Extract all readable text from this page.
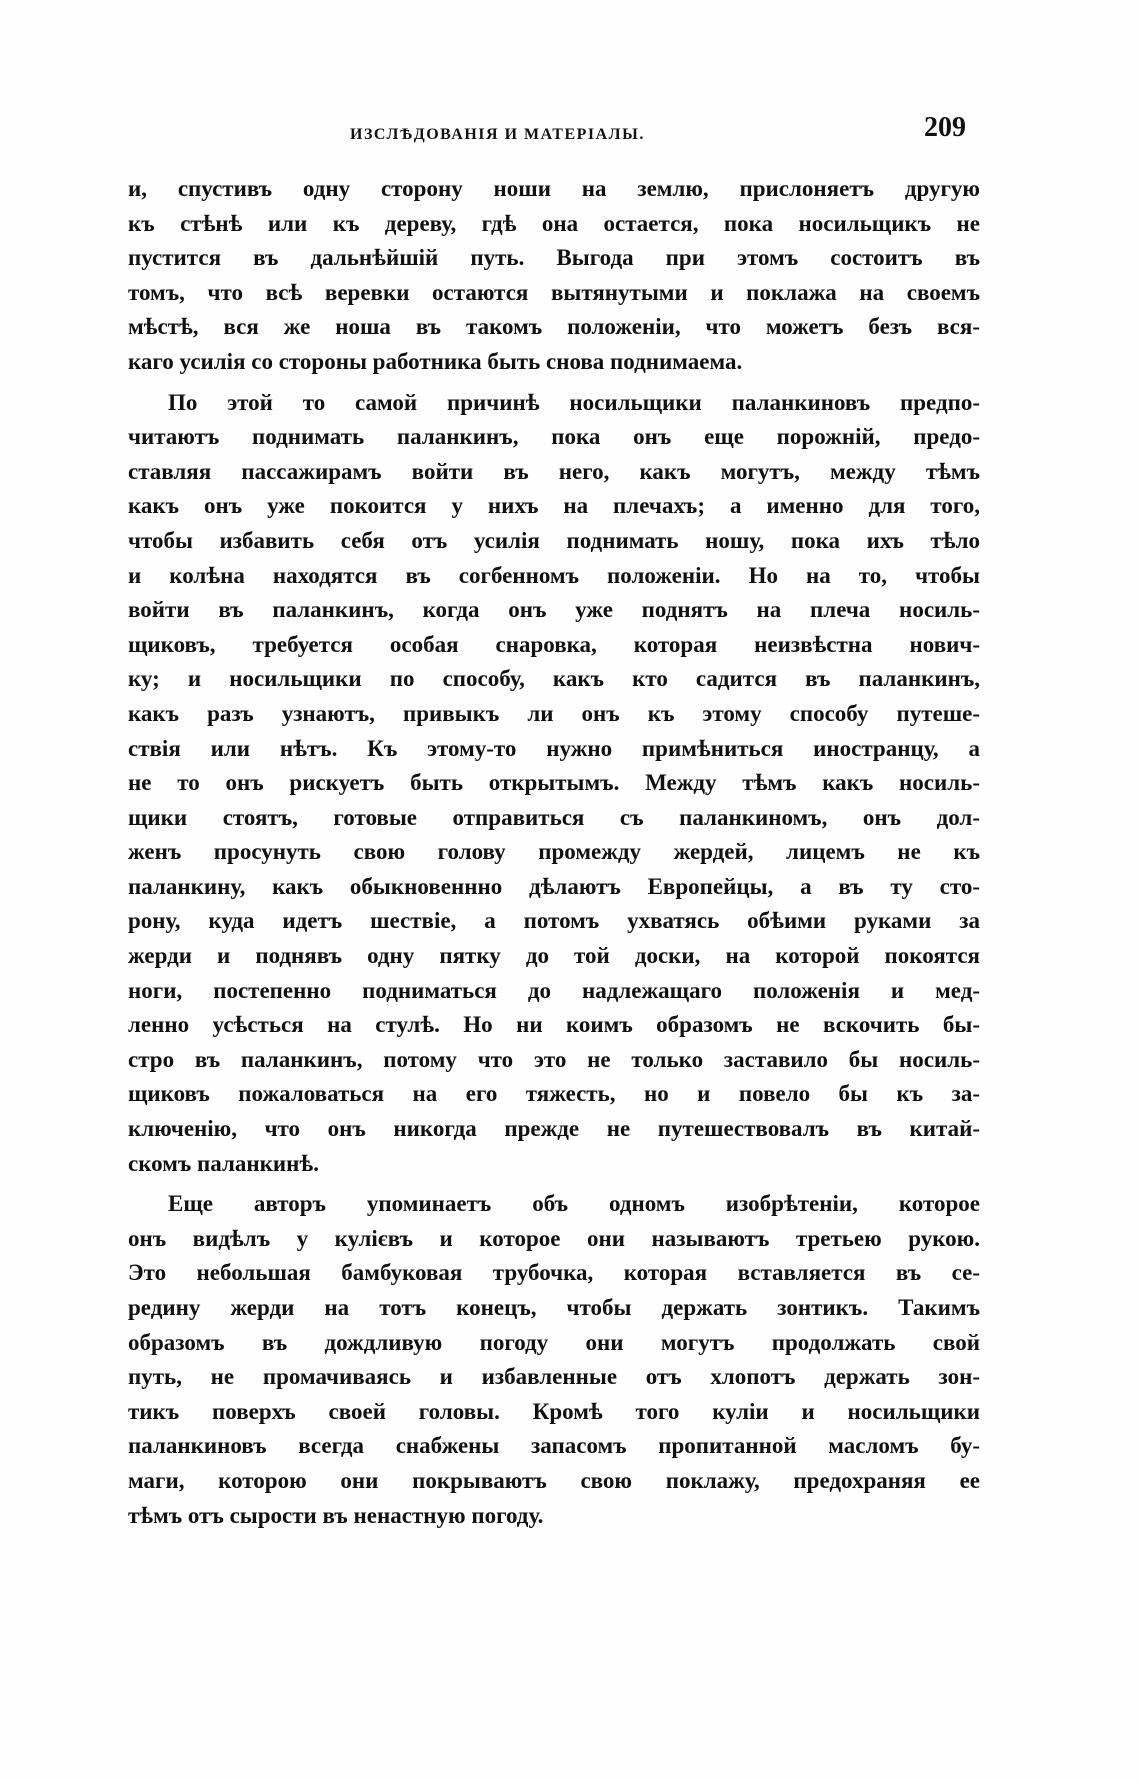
ИЗСЛѢДОВАНІЯ И МАТЕРІАЛЫ.	209
и, спустивъ одну сторону ноши на землю, прислоняетъ другую
къ стѣнѣ или къ дереву, гдѣ она остается, пока носильщикъ не
пустится въ дальнѣйшій путь. Выгода при этомъ состоитъ въ
томъ, что всѣ веревки остаются вытянутыми и поклажа на своемъ
мѣстѣ, вся же ноша въ такомъ положеніи, что можетъ безъ вся-
каго усилія со стороны работника быть снова поднимаема.
По этой то самой причинѣ носильщики паланкиновъ предпо-
читаютъ поднимать паланкинъ, пока онъ еще порожній, предо-
ставляя пассажирамъ войти въ него, какъ могутъ, между тѣмъ
какъ онъ уже покоится у нихъ на плечахъ; а именно для того,
чтобы избавить себя отъ усилія поднимать ношу, пока ихъ тѣло
и колѣна находятся въ согбенномъ положеніи. Но на то, чтобы
войти въ паланкинъ, когда онъ уже поднятъ на плеча носиль-
щиковъ, требуется особая снаровка, которая неизвѣстна нович-
ку; и носильщики по способу, какъ кто садится въ паланкинъ,
какъ разъ узнаютъ, привыкъ ли онъ къ этому способу путеше-
ствія или нѣтъ. Къ этому-то нужно примѣниться иностранцу, а
не то онъ рискуетъ быть открытымъ. Между тѣмъ какъ носиль-
щики стоятъ, готовые отправиться съ паланкиномъ, онъ дол-
женъ просунуть свою голову промежду жердей, лицемъ не къ
паланкину, какъ обыкновеннно дѣлаютъ Европейцы, а въ ту сто-
рону, куда идетъ шествіе, а потомъ ухватясь обѣими руками за
жерди и поднявъ одну пятку до той доски, на которой покоятся
ноги, постепенно подниматься до надлежащаго положенія и мед-
ленно усѣсться на стулѣ. Но ни коимъ образомъ не вскочить бы-
стро въ паланкинъ, потому что это не только заставило бы носиль-
щиковъ пожаловаться на его тяжесть, но и повело бы къ за-
ключенію, что онъ никогда прежде не путешествовалъ въ китай-
скомъ паланкинѣ.
Еще авторъ упоминаетъ объ одномъ изобрѣтеніи, которое
онъ видѣлъ у кулієвъ и которое они называютъ третьею рукою.
Это небольшая бамбуковая трубочка, которая вставляется въ се-
редину жерди на тотъ конецъ, чтобы держать зонтикъ. Такимъ
образомъ въ дождливую погоду они могутъ продолжать свой
путь, не промачиваясь и избавленные отъ хлопотъ держать зон-
тикъ поверхъ своей головы. Кромѣ того куліи и носильщики
паланкиновъ всегда снабжены запасомъ пропитанной масломъ бу-
маги, которою они покрываютъ свою поклажу, предохраняя ее
тѣмъ отъ сырости въ ненастную погоду.
